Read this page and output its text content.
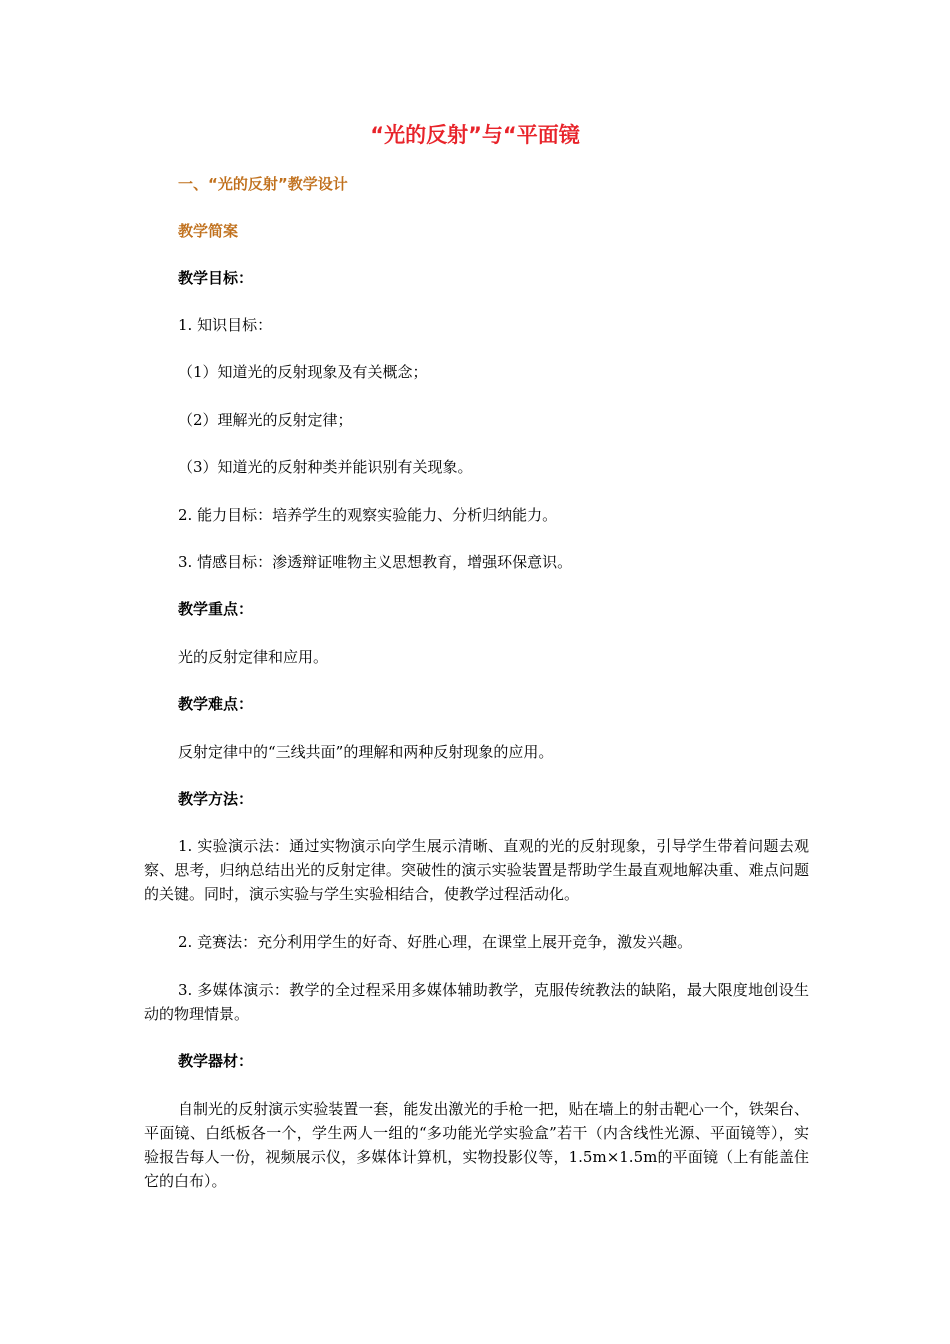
“光的反射”与“平面镜
一、“光的反射”教学设计
教学简案
教学目标：
1. 知识目标：
（1）知道光的反射现象及有关概念；
（2）理解光的反射定律；
（3）知道光的反射种类并能识别有关现象。
2. 能力目标：培养学生的观察实验能力、分析归纳能力。
3. 情感目标：渗透辩证唯物主义思想教育，增强环保意识。
教学重点：
光的反射定律和应用。
教学难点：
反射定律中的“三线共面”的理解和两种反射现象的应用。
教学方法：
1. 实验演示法：通过实物演示向学生展示清晰、直观的光的反射现象，引导学生带着问题去观察、思考，归纳总结出光的反射定律。突破性的演示实验装置是帮助学生最直观地解决重、难点问题的关键。同时，演示实验与学生实验相结合，使教学过程活动化。
2. 竞赛法：充分利用学生的好奇、好胜心理，在课堂上展开竞争，激发兴趣。
3. 多媒体演示：教学的全过程采用多媒体辅助教学，克服传统教法的缺陷，最大限度地创设生动的物理情景。
教学器材：
自制光的反射演示实验装置一套，能发出激光的手枪一把，贴在墙上的射击靶心一个，铁架台、平面镜、白纸板各一个，学生两人一组的“多功能光学实验盒”若干（内含线性光源、平面镜等），实验报告每人一份，视频展示仪，多媒体计算机，实物投影仪等，1.5m×1.5m的平面镜（上有能盖住它的白布）。
